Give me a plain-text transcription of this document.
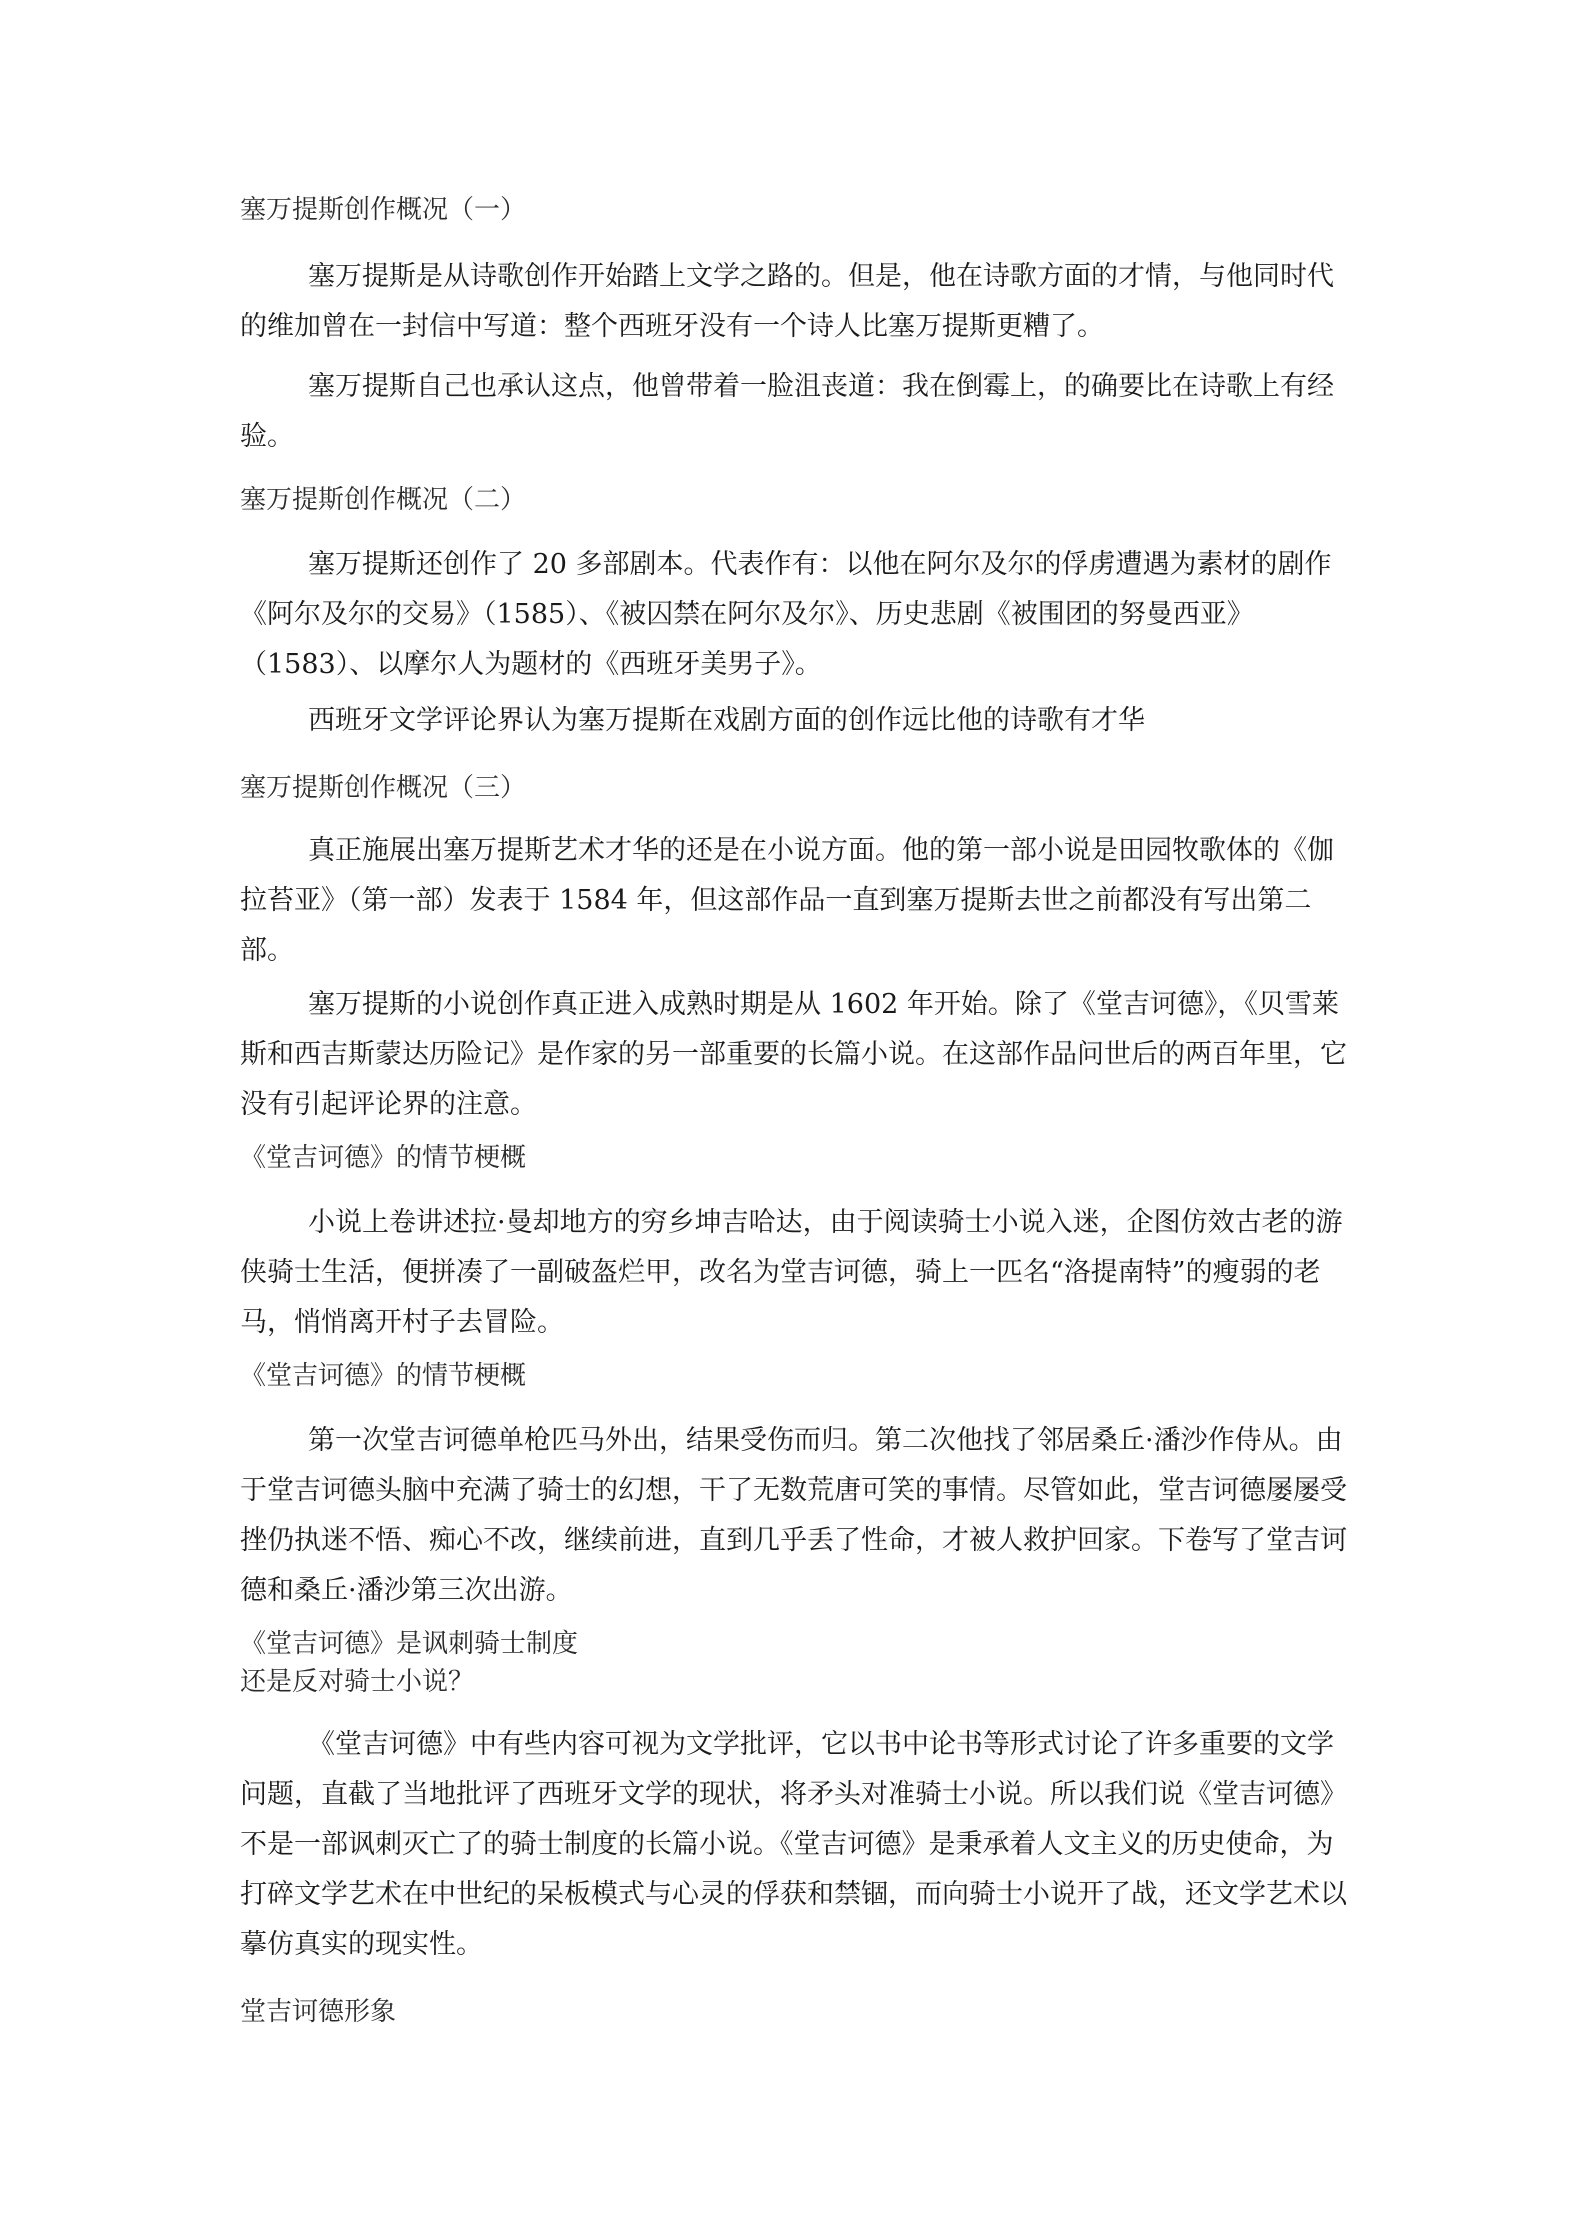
塞万提斯创作概况（一）

塞万提斯是从诗歌创作开始踏上文学之路的。但是，他在诗歌方面的才情，与他同时代的维加曾在一封信中写道：整个西班牙没有一个诗人比塞万提斯更糟了。

塞万提斯自己也承认这点，他曾带着一脸沮丧道：我在倒霉上，的确要比在诗歌上有经验。

塞万提斯创作概况（二）

塞万提斯还创作了 20 多部剧本。代表作有：以他在阿尔及尔的俘虏遭遇为素材的剧作《阿尔及尔的交易》（1585）、《被囚禁在阿尔及尔》、历史悲剧《被围团的努曼西亚》（1583）、以摩尔人为题材的《西班牙美男子》。

西班牙文学评论界认为塞万提斯在戏剧方面的创作远比他的诗歌有才华

塞万提斯创作概况（三）

真正施展出塞万提斯艺术才华的还是在小说方面。他的第一部小说是田园牧歌体的《伽拉苔亚》（第一部）发表于 1584 年，但这部作品一直到塞万提斯去世之前都没有写出第二部。

塞万提斯的小说创作真正进入成熟时期是从 1602 年开始。除了《堂吉诃德》，《贝雪莱斯和西吉斯蒙达历险记》是作家的另一部重要的长篇小说。在这部作品问世后的两百年里，它没有引起评论界的注意。

《堂吉诃德》的情节梗概

小说上卷讲述拉·曼却地方的穷乡坤吉哈达，由于阅读骑士小说入迷，企图仿效古老的游侠骑士生活，便拼凑了一副破盔烂甲，改名为堂吉诃德，骑上一匹名“洛提南特”的瘦弱的老马，悄悄离开村子去冒险。

《堂吉诃德》的情节梗概

第一次堂吉诃德单枪匹马外出，结果受伤而归。第二次他找了邻居桑丘·潘沙作侍从。由于堂吉诃德头脑中充满了骑士的幻想，干了无数荒唐可笑的事情。尽管如此，堂吉诃德屡屡受挫仍执迷不悟、痴心不改，继续前进，直到几乎丢了性命，才被人救护回家。下卷写了堂吉诃德和桑丘·潘沙第三次出游。

《堂吉诃德》是讽刺骑士制度
还是反对骑士小说？

《堂吉诃德》中有些内容可视为文学批评，它以书中论书等形式讨论了许多重要的文学问题，直截了当地批评了西班牙文学的现状，将矛头对准骑士小说。所以我们说《堂吉诃德》不是一部讽刺灭亡了的骑士制度的长篇小说。《堂吉诃德》是秉承着人文主义的历史使命，为打碎文学艺术在中世纪的呆板模式与心灵的俘获和禁锢，而向骑士小说开了战，还文学艺术以摹仿真实的现实性。

堂吉诃德形象
